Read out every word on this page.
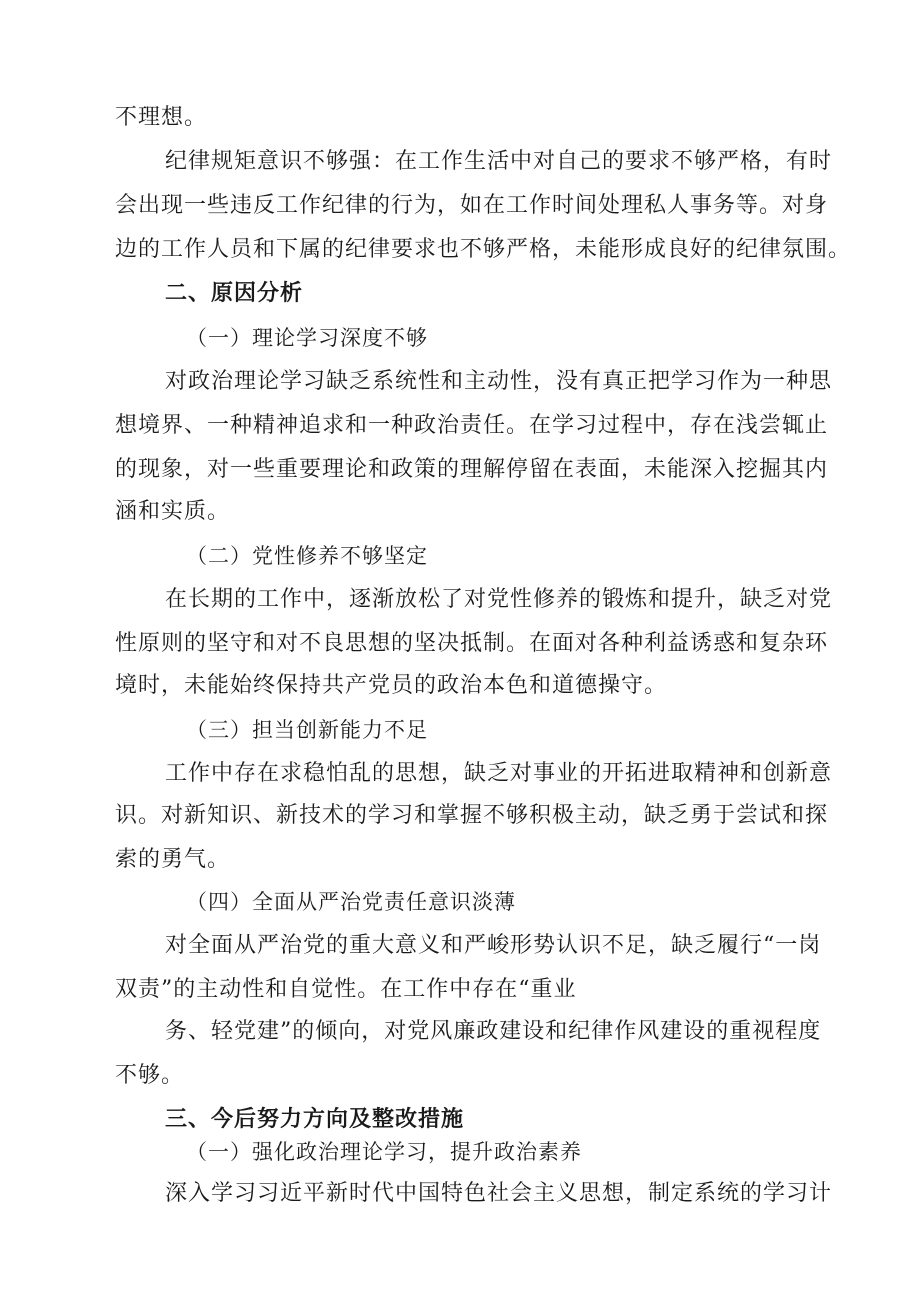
不理想。
纪律规矩意识不够强：在工作生活中对自己的要求不够严格，有时
会出现一些违反工作纪律的行为，如在工作时间处理私人事务等。对身
边的工作人员和下属的纪律要求也不够严格，未能形成良好的纪律氛围。
二、原因分析
（一）理论学习深度不够
对政治理论学习缺乏系统性和主动性，没有真正把学习作为一种思
想境界、一种精神追求和一种政治责任。在学习过程中，存在浅尝辄止
的现象，对一些重要理论和政策的理解停留在表面，未能深入挖掘其内
涵和实质。
（二）党性修养不够坚定
在长期的工作中，逐渐放松了对党性修养的锻炼和提升，缺乏对党
性原则的坚守和对不良思想的坚决抵制。在面对各种利益诱惑和复杂环
境时，未能始终保持共产党员的政治本色和道德操守。
（三）担当创新能力不足
工作中存在求稳怕乱的思想，缺乏对事业的开拓进取精神和创新意
识。对新知识、新技术的学习和掌握不够积极主动，缺乏勇于尝试和探
索的勇气。
（四）全面从严治党责任意识淡薄
对全面从严治党的重大意义和严峻形势认识不足，缺乏履行“一岗
双责”的主动性和自觉性。在工作中存在“重业
务、轻党建”的倾向，对党风廉政建设和纪律作风建设的重视程度
不够。
三、今后努力方向及整改措施
（一）强化政治理论学习，提升政治素养
深入学习习近平新时代中国特色社会主义思想，制定系统的学习计
